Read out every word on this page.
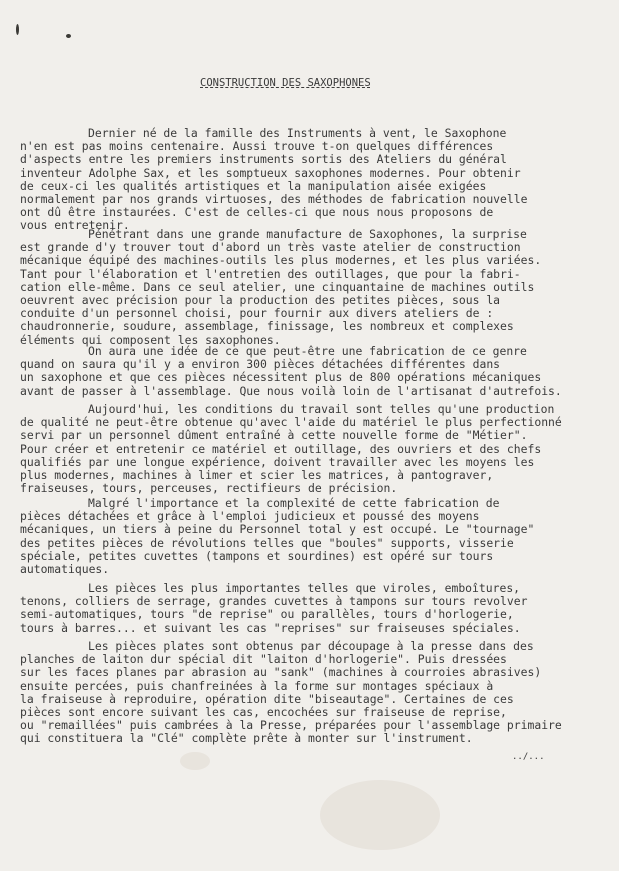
CONSTRUCTION DES SAXOPHONES
Dernier né de la famille des Instruments à vent, le Saxophone
n'en est pas moins centenaire. Aussi trouve t-on quelques différences
d'aspects entre les premiers instruments sortis des Ateliers du général
inventeur Adolphe Sax, et les somptueux saxophones modernes. Pour obtenir
de ceux-ci les qualités artistiques et la manipulation aisée exigées
normalement par nos grands virtuoses, des méthodes de fabrication nouvelle
ont dû être instaurées. C'est de celles-ci que nous nous proposons de
vous entretenir.
Pénétrant dans une grande manufacture de Saxophones, la surprise
est grande d'y trouver tout d'abord un très vaste atelier de construction
mécanique équipé des machines-outils les plus modernes, et les plus variées.
Tant pour l'élaboration et l'entretien des outillages, que pour la fabri-
cation elle-même. Dans ce seul atelier, une cinquantaine de machines outils
oeuvrent avec précision pour la production des petites pièces, sous la
conduite d'un personnel choisi, pour fournir aux divers ateliers de :
chaudronnerie, soudure, assemblage, finissage, les nombreux et complexes
éléments qui composent les saxophones.
On aura une idée de ce que peut-être une fabrication de ce genre
quand on saura qu'il y a environ 300 pièces détachées différentes dans
un saxophone et que ces pièces nécessitent plus de 800 opérations mécaniques
avant de passer à l'assemblage. Que nous voilà loin de l'artisanat d'autrefois.
Aujourd'hui, les conditions du travail sont telles qu'une production
de qualité ne peut-être obtenue qu'avec l'aide du matériel le plus perfectionné
servi par un personnel dûment entraîné à cette nouvelle forme de "Métier".
Pour créer et entretenir ce matériel et outillage, des ouvriers et des chefs
qualifiés par une longue expérience, doivent travailler avec les moyens les
plus modernes, machines à limer et scier les matrices, à pantograver,
fraiseuses, tours, perceuses, rectifieurs de précision.
Malgré l'importance et la complexité de cette fabrication de
pièces détachées et grâce à l'emploi judicieux et poussé des moyens
mécaniques, un tiers à peine du Personnel total y est occupé. Le "tournage"
des petites pièces de révolutions telles que "boules" supports, visserie
spéciale, petites cuvettes (tampons et sourdines) est opéré sur tours
automatiques.
Les pièces les plus importantes telles que viroles, emboîtures,
tenons, colliers de serrage, grandes cuvettes à tampons sur tours revolver
semi-automatiques, tours "de reprise" ou parallèles, tours d'horlogerie,
tours à barres... et suivant les cas "reprises" sur fraiseuses spéciales.
Les pièces plates sont obtenus par découpage à la presse dans des
planches de laiton dur spécial dit "laiton d'horlogerie". Puis dressées
sur les faces planes par abrasion au "sank" (machines à courroies abrasives)
ensuite percées, puis chanfreinées à la forme sur montages spéciaux à
la fraiseuse à reproduire, opération dite "biseautage". Certaines de ces
pièces sont encore suivant les cas, encochées sur fraiseuse de reprise,
ou "remaillées" puis cambrées à la Presse, préparées pour l'assemblage primaire
qui constituera la "Clé" complète prête à monter sur l'instrument.
../...
